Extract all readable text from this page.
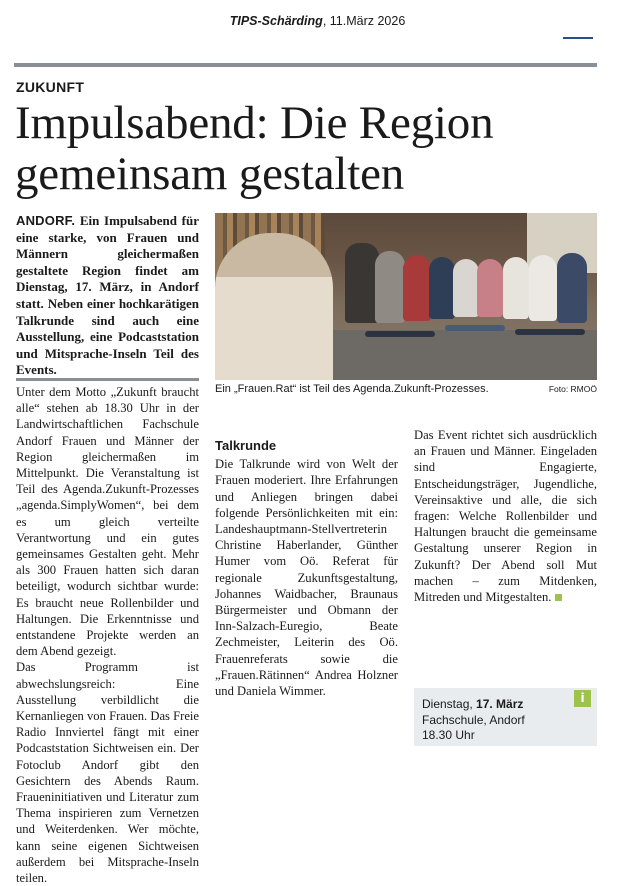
TIPS-Schärding, 11.März 2026
ZUKUNFT
Impulsabend: Die Region gemeinsam gestalten

ANDORF. Ein Impulsabend für eine starke, von Frauen und Männern gleichermaßen gestaltete Region findet am Dienstag, 17. März, in Andorf statt. Neben einer hochkarätigen Talkrunde sind auch eine Ausstellung, eine Podcaststation und Mitsprache-Inseln Teil des Events.

Ein „Frauen.Rat“ ist Teil des Agenda.Zukunft-Prozesses.	Foto: RMOÖ

Unter dem Motto „Zukunft braucht alle“ stehen ab 18.30 Uhr in der Landwirtschaftlichen Fachschule Andorf Frauen und Männer der Region gleichermaßen im Mittelpunkt. Die Veranstaltung ist Teil des Agenda.Zukunft-Prozesses „agenda.SimplyWomen“, bei dem es um gleich verteilte Verantwortung und ein gutes gemeinsames Gestalten geht. Mehr als 300 Frauen hatten sich daran beteiligt, wodurch sichtbar wurde: Es braucht neue Rollenbilder und Haltungen. Die Erkenntnisse und entstandene Projekte werden an dem Abend gezeigt.

Das Programm ist abwechslungsreich: Eine Ausstellung verbildlicht die Kernanliegen von Frauen. Das Freie Radio Innviertel fängt mit einer Podcaststation Sichtweisen ein. Der Fotoclub Andorf gibt den Gesichtern des Abends Raum. Fraueninitiativen und Literatur zum Thema inspirieren zum Vernetzen und Weiterdenken. Wer möchte, kann seine eigenen Sichtweisen außerdem bei Mitsprache-Inseln teilen.

Talkrunde

Die Talkrunde wird von Welt der Frauen moderiert. Ihre Erfahrungen und Anliegen bringen dabei folgende Persönlichkeiten mit ein: Landeshauptmann-Stellvertreterin Christine Haberlander, Günther Humer vom Oö. Referat für regionale Zukunftsgestaltung, Johannes Waidbacher, Braunaus Bürgermeister und Obmann der Inn-Salzach-Euregio, Beate Zechmeister, Leiterin des Oö. Frauenreferats sowie die „Frauen.Rätinnen“ Andrea Holzner und Daniela Wimmer.

Das Event richtet sich ausdrücklich an Frauen und Männer. Eingeladen sind Engagierte, Entscheidungsträger, Jugendliche, Vereinsaktive und alle, die sich fragen: Welche Rollenbilder und Haltungen braucht die gemeinsame Gestaltung unserer Region in Zukunft? Der Abend soll Mut machen – zum Mitdenken, Mitreden und Mitgestalten.

i
Dienstag, 17. März
Fachschule, Andorf
18.30 Uhr
